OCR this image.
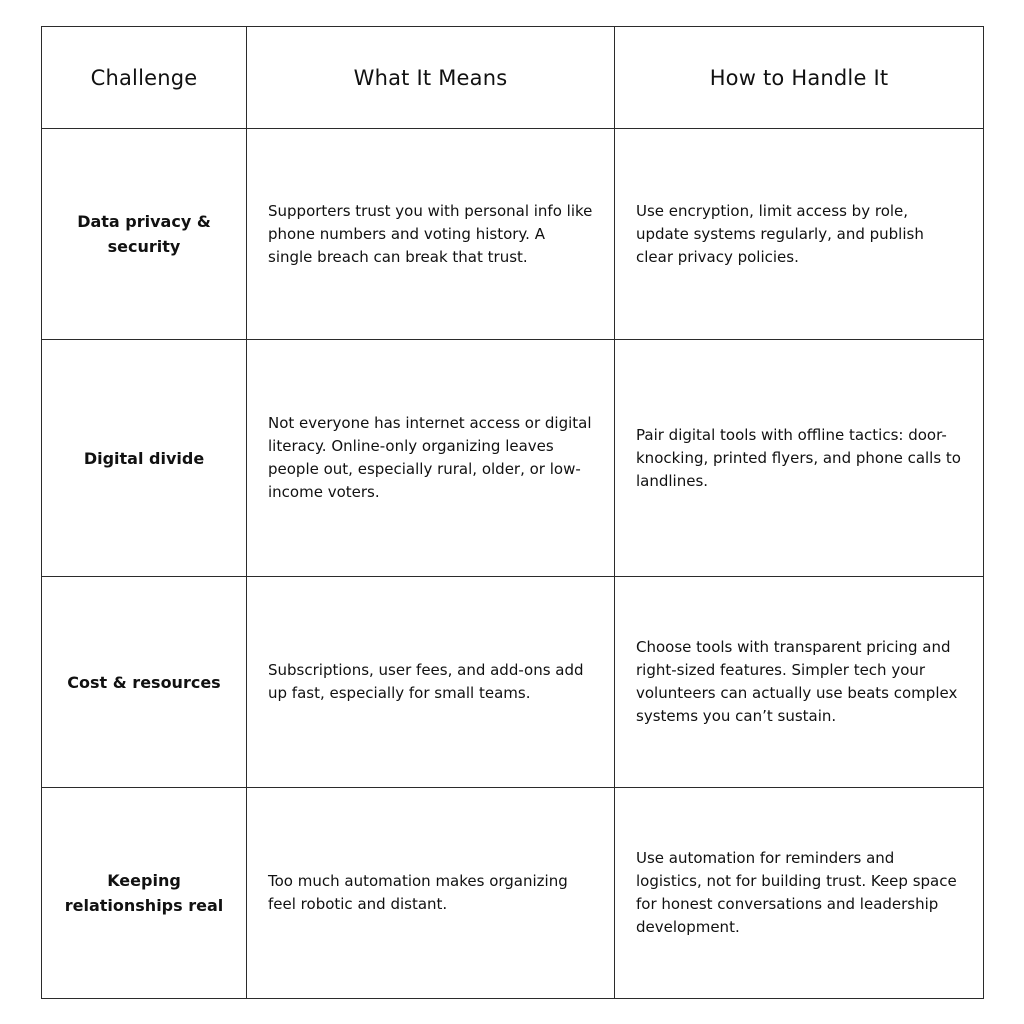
Challenge	What It Means	How to Handle It

Data privacy & security	Supporters trust you with personal info like phone numbers and voting history. A single breach can break that trust.	Use encryption, limit access by role, update systems regularly, and publish clear privacy policies.
Digital divide	Not everyone has internet access or digital literacy. Online-only organizing leaves people out, especially rural, older, or low-income voters.	Pair digital tools with offline tactics: door-knocking, printed flyers, and phone calls to landlines.
Cost & resources	Subscriptions, user fees, and add-ons add up fast, especially for small teams.	Choose tools with transparent pricing and right-sized features. Simpler tech your volunteers can actually use beats complex systems you can’t sustain.

Keeping relationships real	Too much automation makes organizing feel robotic and distant.	Use automation for reminders and logistics, not for building trust. Keep space for honest conversations and leadership development.
